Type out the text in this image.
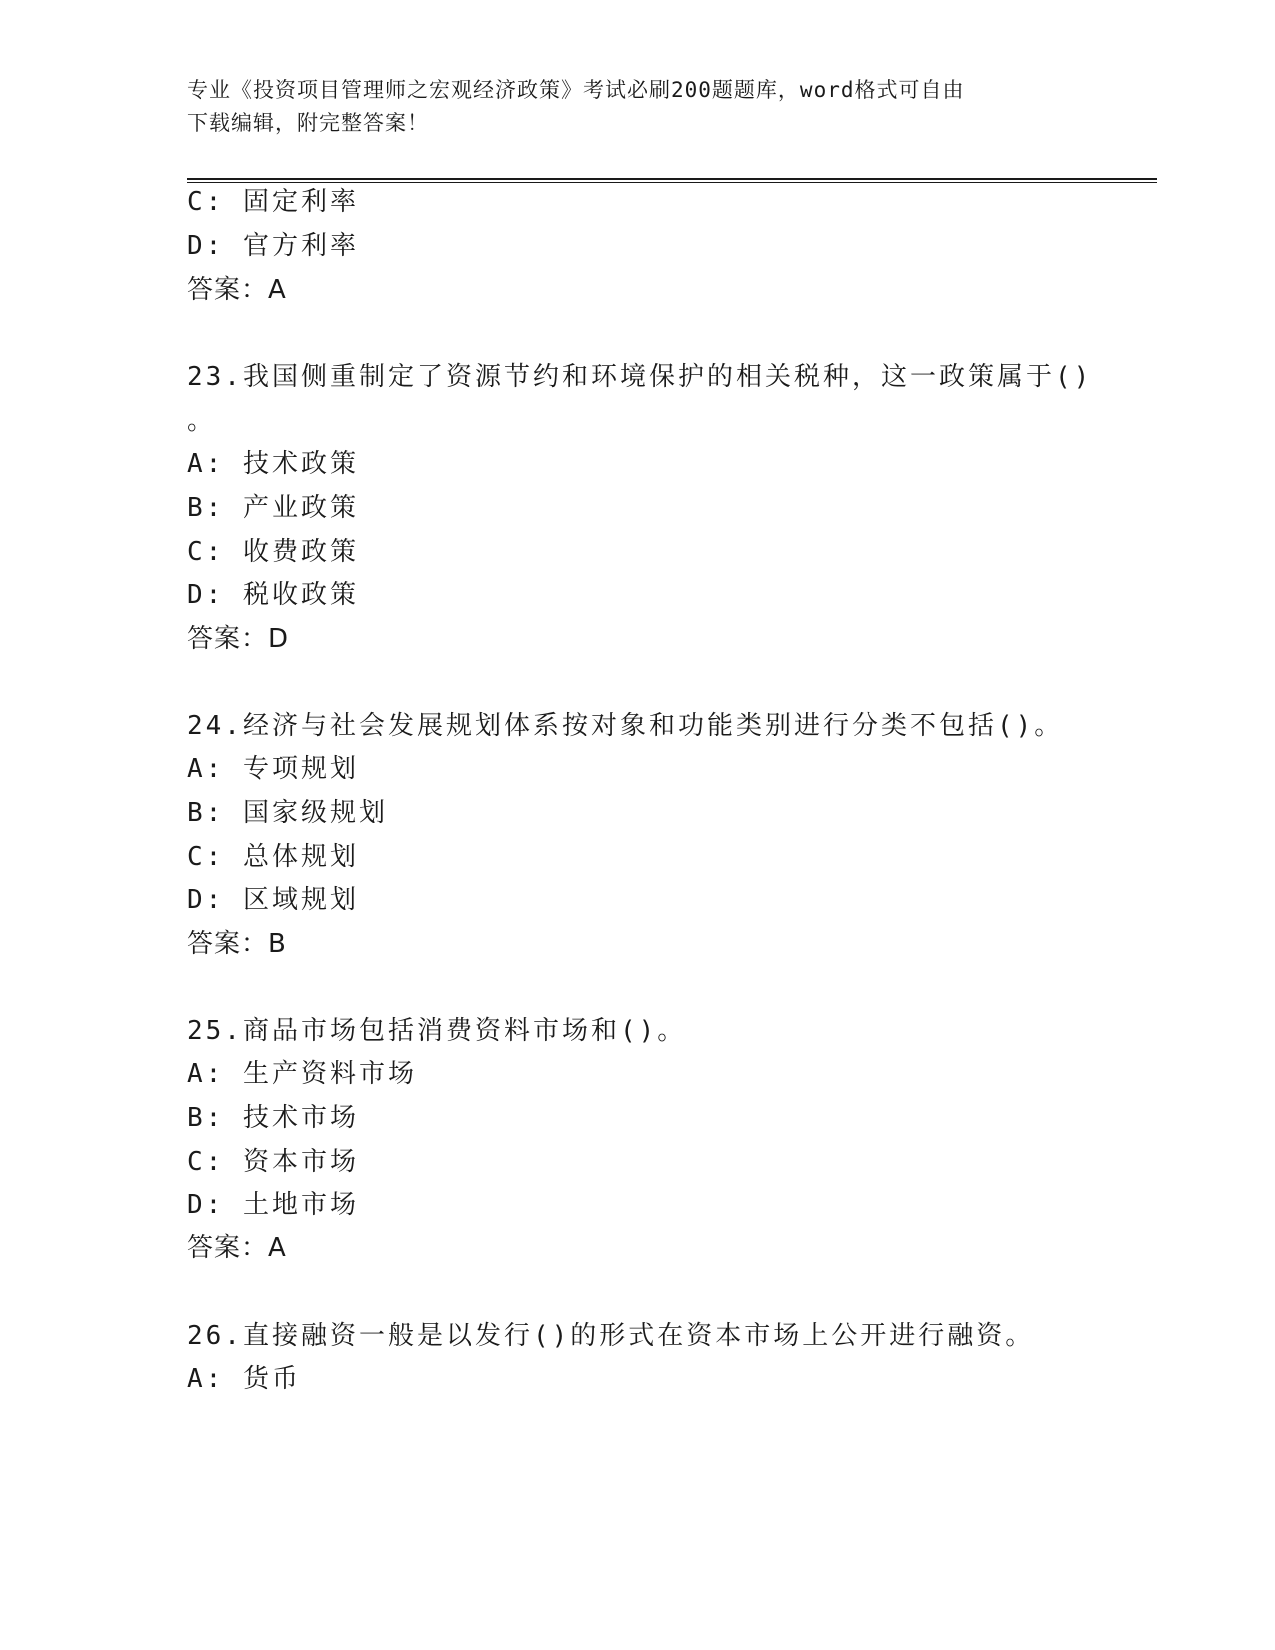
专业《投资项目管理师之宏观经济政策》考试必刷200题题库，word格式可自由
下载编辑，附完整答案！
C: 固定利率
D: 官方利率
答案：A
23.我国侧重制定了资源节约和环境保护的相关税种，这一政策属于()
。
A: 技术政策
B: 产业政策
C: 收费政策
D: 税收政策
答案：D
24.经济与社会发展规划体系按对象和功能类别进行分类不包括()。
A: 专项规划
B: 国家级规划
C: 总体规划
D: 区域规划
答案：B
25.商品市场包括消费资料市场和()。
A: 生产资料市场
B: 技术市场
C: 资本市场
D: 土地市场
答案：A
26.直接融资一般是以发行()的形式在资本市场上公开进行融资。
A: 货币
